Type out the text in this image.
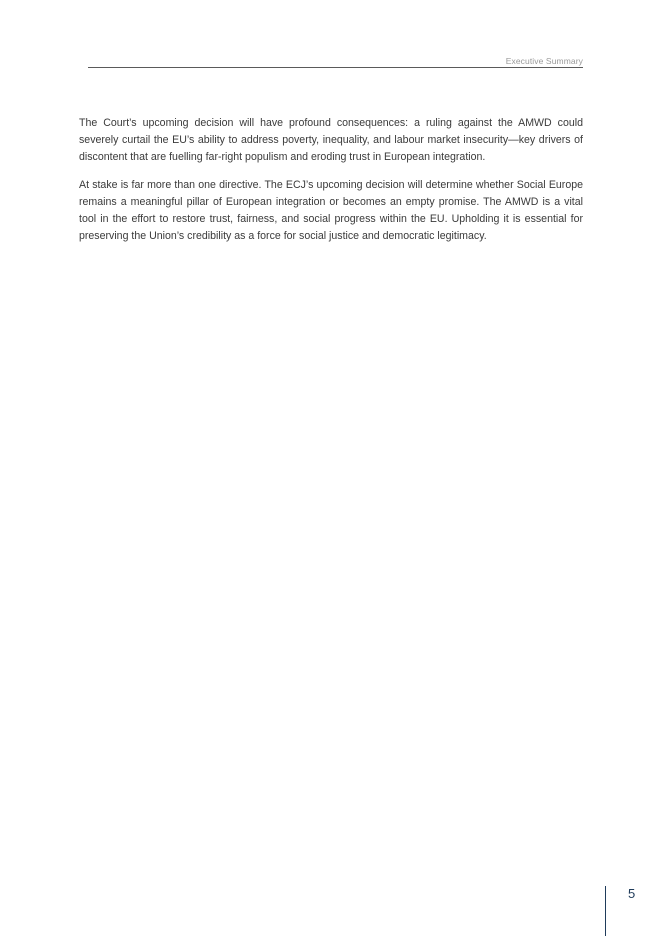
Executive Summary

The Court’s upcoming decision will have profound consequences: a ruling against the AMWD could severely curtail the EU’s ability to address poverty, inequality, and labour market insecurity—key drivers of discontent that are fuelling far-right populism and eroding trust in European integration.

At stake is far more than one directive. The ECJ’s upcoming decision will determine whether Social Europe remains a meaningful pillar of European integration or becomes an empty promise. The AMWD is a vital tool in the effort to restore trust, fairness, and social progress within the EU. Upholding it is essential for preserving the Union’s credibility as a force for social justice and democratic legitimacy.

5
